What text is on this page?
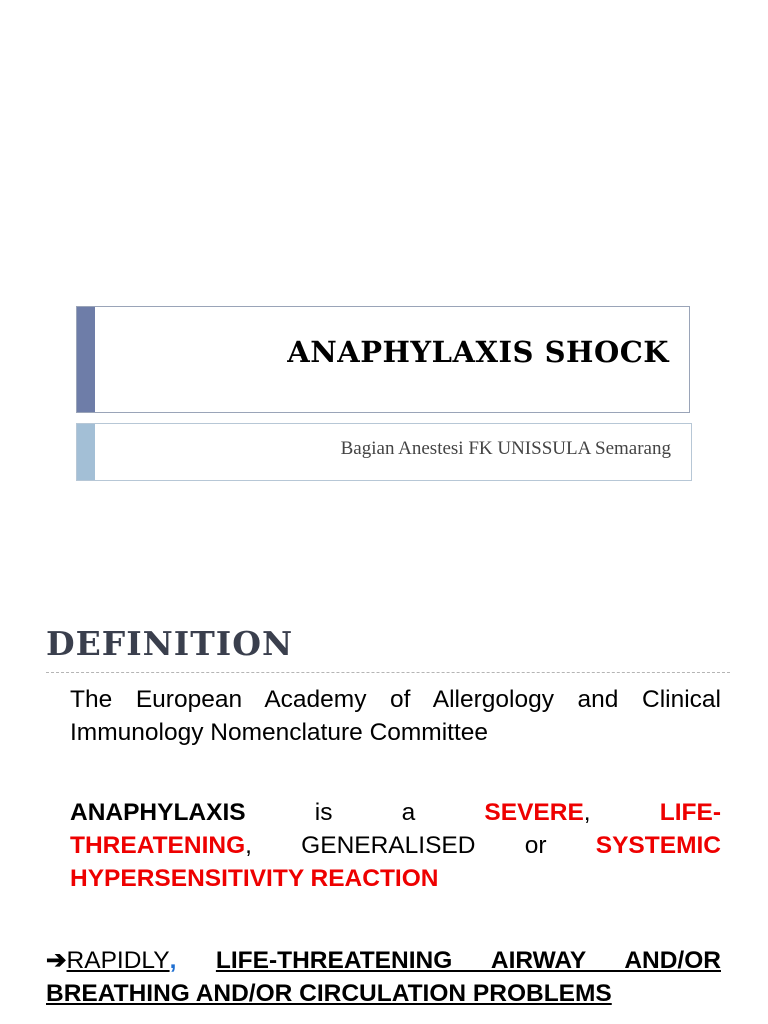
ANAPHYLAXIS SHOCK
Bagian Anestesi FK UNISSULA Semarang
DEFINITION
The European Academy of Allergology and Clinical Immunology Nomenclature Committee
ANAPHYLAXIS	is a	SEVERE,	LIFE-
THREATENING, GENERALISED or SYSTEMIC
HYPERSENSITIVITY REACTION
➔RAPIDLY, LIFE-THREATENING AIRWAY AND/OR
BREATHING AND/OR CIRCULATION PROBLEMS
